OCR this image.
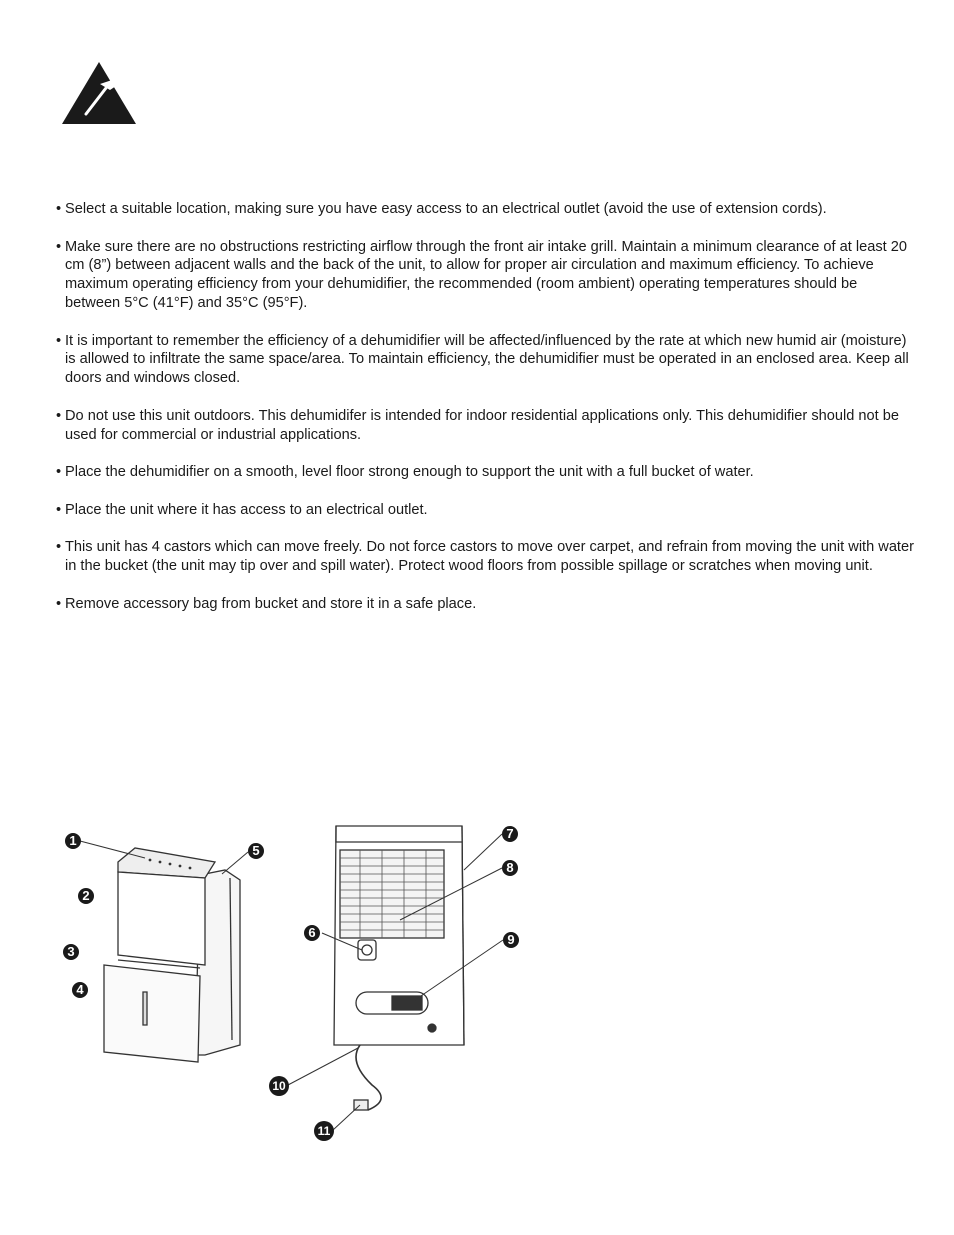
• Select a suitable location, making sure you have easy access to an electrical outlet (avoid the use of extension cords).
• Make sure there are no obstructions restricting airflow through the front air intake grill. Maintain a minimum clearance of at least 20 cm (8”) between adjacent walls and the back of the unit, to allow for proper air circulation and maximum efficiency. To achieve maximum operating efficiency from your dehumidifier, the recommended (room ambient) operating temperatures should be between 5°C (41°F) and 35°C (95°F).
• It is important to remember the efficiency of a dehumidifier will be affected/influenced by the rate at which new humid air (moisture) is allowed to infiltrate the same space/area. To maintain efficiency, the dehumidifier must be operated in an enclosed area. Keep all doors and windows closed.
• Do not use this unit outdoors. This dehumidifer is intended for indoor residential applications only. This dehumidifier should not be used for commercial or industrial applications.
• Place the dehumidifier on a smooth, level floor strong enough to support the unit with a full bucket of water.
• Place the unit where it has access to an electrical outlet.
• This unit has 4 castors which can move freely. Do not force castors to move over carpet, and refrain from moving the unit with water in the bucket (the unit may tip over and spill water). Protect wood floors from possible spillage or scratches when moving unit.
• Remove accessory bag from bucket and store it in a safe place.
1
2
3
4
5
6
7
8
9
10
11
